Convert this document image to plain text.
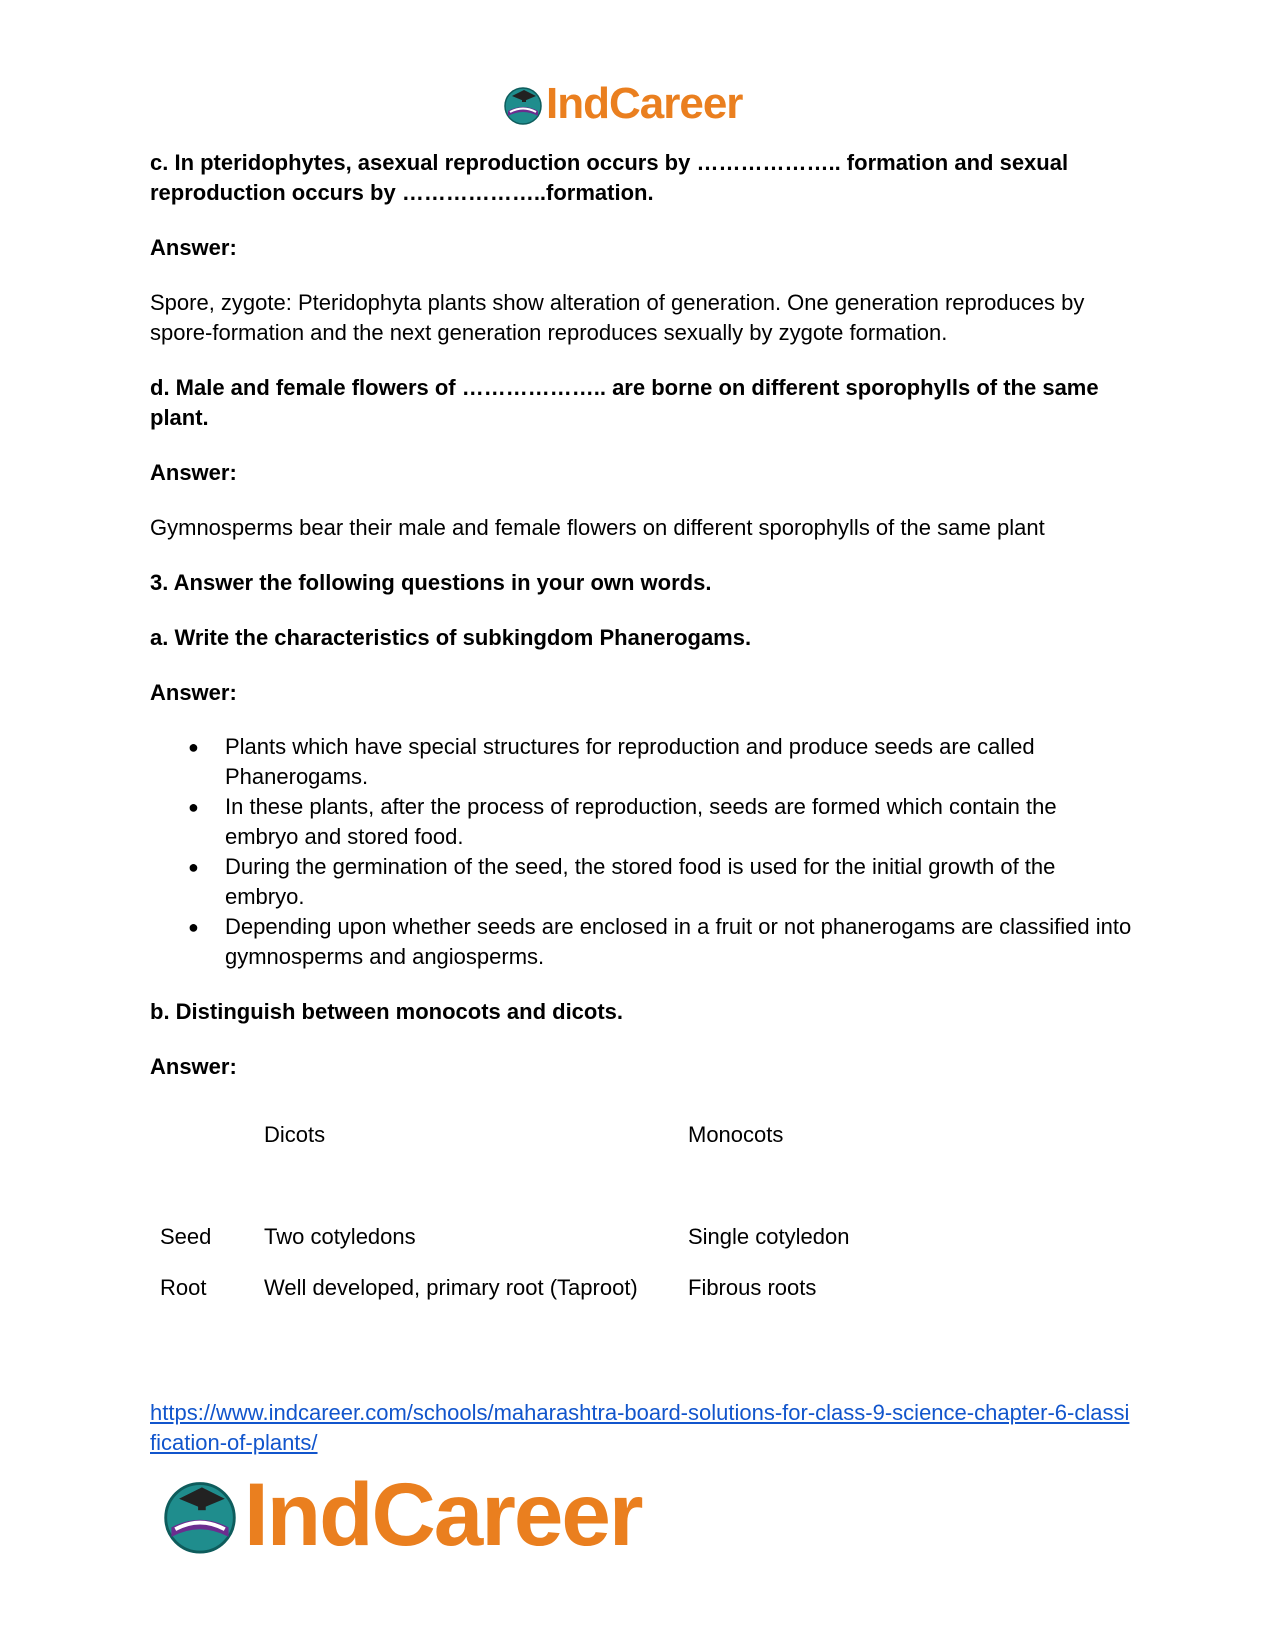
IndCareer

c. In pteridophytes, asexual reproduction occurs by ……………….. formation and sexual reproduction occurs by ………………..formation.

Answer:

Spore, zygote: Pteridophyta plants show alteration of generation. One generation reproduces by spore-formation and the next generation reproduces sexually by zygote formation.

d. Male and female flowers of ……………….. are borne on different sporophylls of the same plant.

Answer:

Gymnosperms bear their male and female flowers on different sporophylls of the same plant

3. Answer the following questions in your own words.

a. Write the characteristics of subkingdom Phanerogams.

Answer:

● Plants which have special structures for reproduction and produce seeds are called Phanerogams.
● In these plants, after the process of reproduction, seeds are formed which contain the embryo and stored food.
● During the germination of the seed, the stored food is used for the initial growth of the embryo.
● Depending upon whether seeds are enclosed in a fruit or not phanerogams are classified into gymnosperms and angiosperms.

b. Distinguish between monocots and dicots.

Answer:

	Dicots	Monocots
Seed	Two cotyledons	Single cotyledon
Root	Well developed, primary root (Taproot)	Fibrous roots
https://www.indcareer.com/schools/maharashtra-board-solutions-for-class-9-science-chapter-6-classification-of-plants/
IndCareer
